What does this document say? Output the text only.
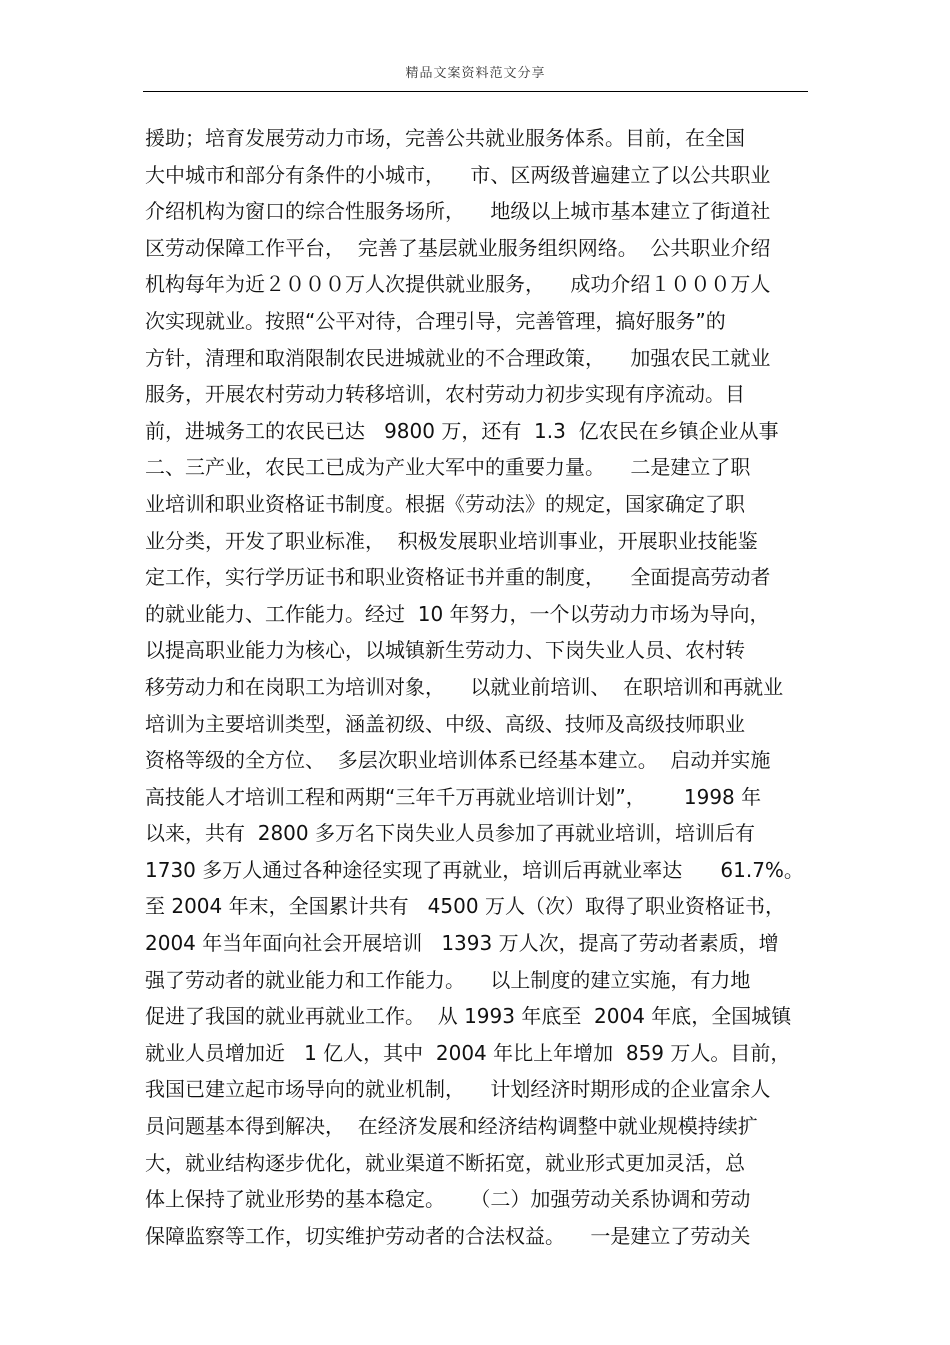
精品文案资料范文分享
援助；培育发展劳动力市场，完善公共就业服务体系。目前，在全国
大中城市和部分有条件的小城市，    市、区两级普遍建立了以公共职业
介绍机构为窗口的综合性服务场所，    地级以上城市基本建立了街道社
区劳动保障工作平台，  完善了基层就业服务组织网络。  公共职业介绍
机构每年为近２０００万人次提供就业服务，    成功介绍１０００万人
次实现就业。按照“公平对待，合理引导，完善管理，搞好服务”的
方针，清理和取消限制农民进城就业的不合理政策，    加强农民工就业
服务，开展农村劳动力转移培训，农村劳动力初步实现有序流动。目
前，进城务工的农民已达   9800 万，还有  1.3  亿农民在乡镇企业从事
二、三产业，农民工已成为产业大军中的重要力量。    二是建立了职
业培训和职业资格证书制度。根据《劳动法》的规定，国家确定了职
业分类，开发了职业标准，  积极发展职业培训事业，开展职业技能鉴
定工作，实行学历证书和职业资格证书并重的制度，    全面提高劳动者
的就业能力、工作能力。经过  10 年努力，一个以劳动力市场为导向，
以提高职业能力为核心，以城镇新生劳动力、下岗失业人员、农村转
移劳动力和在岗职工为培训对象，    以就业前培训、  在职培训和再就业
培训为主要培训类型，涵盖初级、中级、高级、技师及高级技师职业
资格等级的全方位、  多层次职业培训体系已经基本建立。  启动并实施
高技能人才培训工程和两期“三年千万再就业培训计划”，      1998 年
以来，共有  2800 多万名下岗失业人员参加了再就业培训，培训后有
1730 多万人通过各种途径实现了再就业，培训后再就业率达      61.7%。
至 2004 年末，全国累计共有   4500 万人（次）取得了职业资格证书，
2004 年当年面向社会开展培训   1393 万人次，提高了劳动者素质，增
强了劳动者的就业能力和工作能力。    以上制度的建立实施，有力地
促进了我国的就业再就业工作。  从 1993 年底至  2004 年底，全国城镇
就业人员增加近   1 亿人，其中  2004 年比上年增加  859 万人。目前，
我国已建立起市场导向的就业机制，    计划经济时期形成的企业富余人
员问题基本得到解决，  在经济发展和经济结构调整中就业规模持续扩
大，就业结构逐步优化，就业渠道不断拓宽，就业形式更加灵活，总
体上保持了就业形势的基本稳定。    （二）加强劳动关系协调和劳动
保障监察等工作，切实维护劳动者的合法权益。    一是建立了劳动关
